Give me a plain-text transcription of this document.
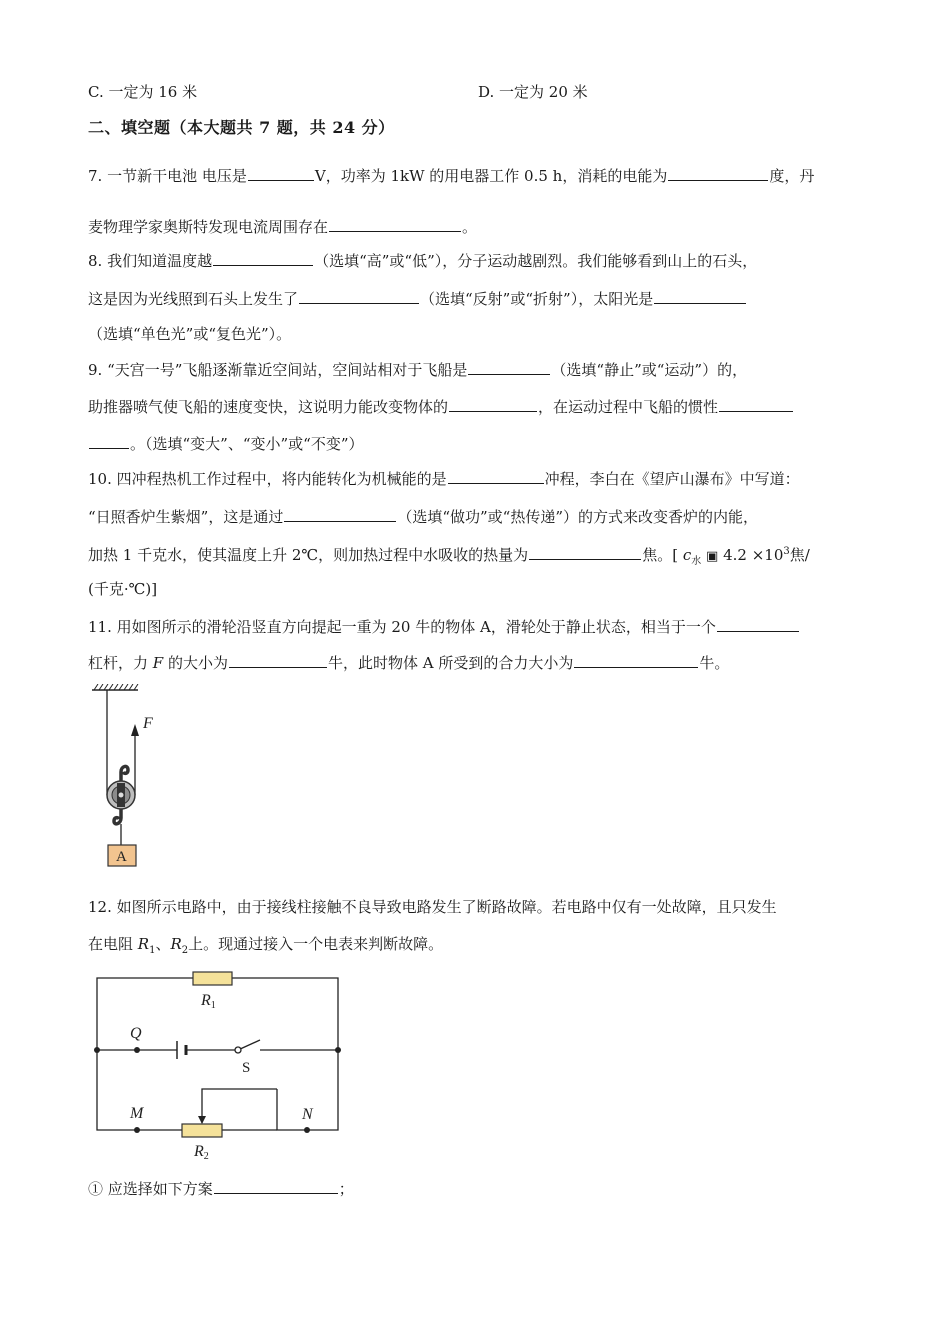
C. 一定为 16 米	D. 一定为 20 米
二、填空题（本大题共 7 题，共 24 分）
7. 一节新干电池 电压是	V，功率为 1kW 的用电器工作 0.5 h，消耗的电能为	度，丹
麦物理学家奥斯特发现电流周围存在	。
8. 我们知道温度越	（选填“高”或“低”），分子运动越剧烈。我们能够看到山上的石头，
这是因为光线照到石头上发生了	（选填“反射”或“折射”），太阳光是
（选填“单色光”或“复色光”）。
9. “天宫一号”飞船逐渐靠近空间站，空间站相对于飞船是	（选填“静止”或“运动”）的，
助推器喷气使飞船的速度变快，这说明力能改变物体的	，在运动过程中飞船的惯性
。（选填“变大”、“变小”或“不变”）
10. 四冲程热机工作过程中，将内能转化为机械能的是	冲程，李白在《望庐山瀑布》中写道：
“日照香炉生紫烟”，这是通过	（选填“做功”或“热传递”）的方式来改变香炉的内能，
加热 1 千克水，使其温度上升 2℃，则加热过程中水吸收的热量为	焦。[ $c_水$ ▣ $4.2 \times 10^3$焦/
(千克·℃)]
11. 用如图所示的滑轮沿竖直方向提起一重为 20 牛的物体 A，滑轮处于静止状态，相当于一个
杠杆，力 F 的大小为	牛，此时物体 A 所受到的合力大小为	牛。
F
A
12. 如图所示电路中，由于接线柱接触不良导致电路发生了断路故障。若电路中仅有一处故障，且只发生
在电阻 $R_1$、$R_2$上。现通过接入一个电表来判断故障。
R1
Q
S
M	N
R2
① 应选择如下方案	；
